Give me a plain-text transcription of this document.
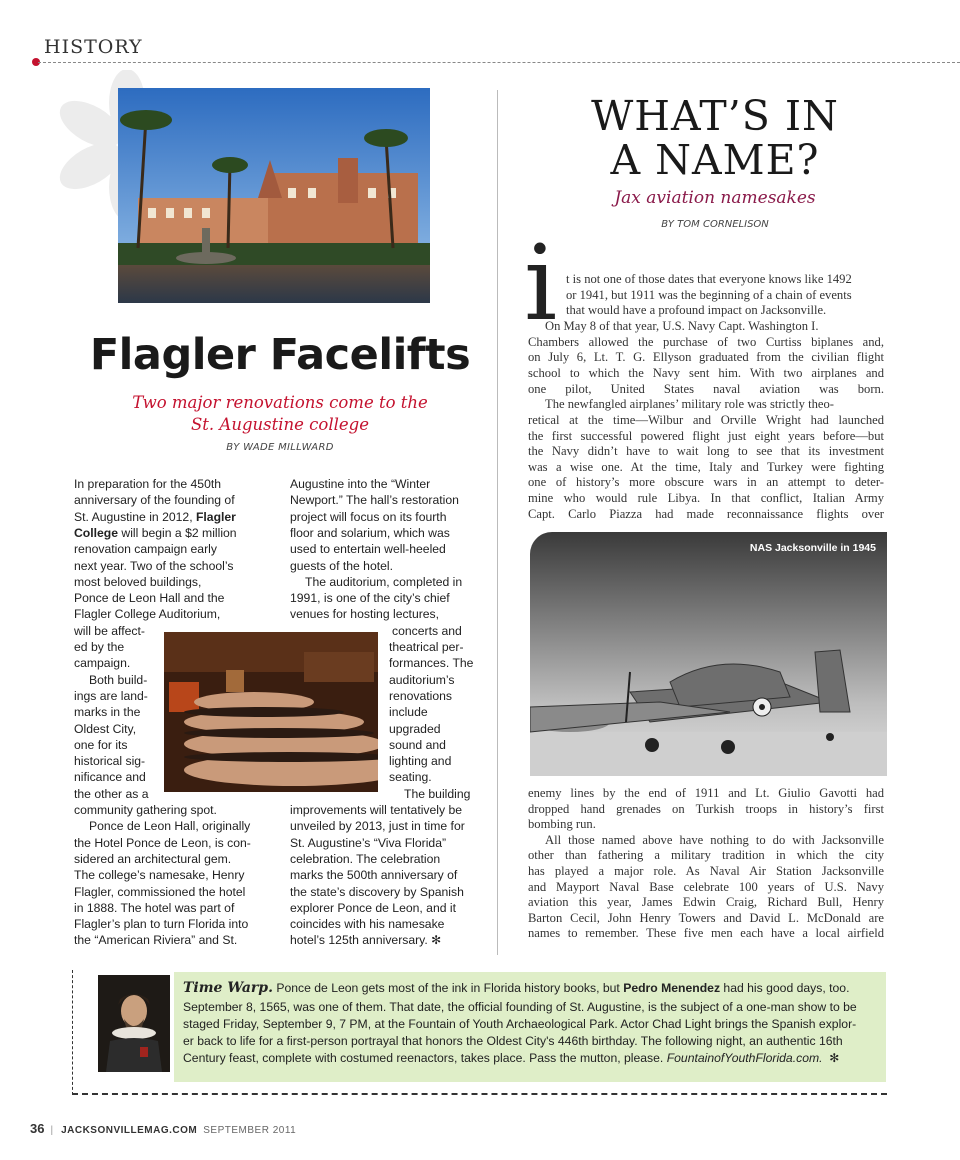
HISTORY
Flagler Facelifts
Two major renovations come to the
St. Augustine college
BY WADE MILLWARD
In preparation for the 450th
anniversary of the founding of
St. Augustine in 2012, Flagler
College will begin a $2 million
renovation campaign early
next year. Two of the school’s
most beloved buildings,
Ponce de Leon Hall and the
Flagler College Auditorium,
will be affect-
ed by the
campaign.
Both build-
ings are land-
marks in the
Oldest City,
one for its
historical sig-
nificance and
the other as a
community gathering spot.
Ponce de Leon Hall, originally
the Hotel Ponce de Leon, is con-
sidered an architectural gem.
The college’s namesake, Henry
Flagler, commissioned the hotel
in 1888. The hotel was part of
Flagler’s plan to turn Florida into
the “American Riviera” and St.
Augustine into the “Winter
Newport.” The hall’s restoration
project will focus on its fourth
floor and solarium, which was
used to entertain well-heeled
guests of the hotel.
The auditorium, completed in
1991, is one of the city’s chief
venues for hosting lectures,
concerts and
theatrical per-
formances. The
auditorium’s
renovations
include
upgraded
sound and
lighting and
seating.
The building
improvements will tentatively be
unveiled by 2013, just in time for
St. Augustine’s “Viva Florida”
celebration. The celebration
marks the 500th anniversary of
the state’s discovery by Spanish
explorer Ponce de Leon, and it
coincides with his namesake
hotel’s 125th anniversary. ✻
WHAT’S IN
A NAME?
Jax aviation namesakes
BY TOM CORNELISON
i t is not one of those dates that everyone knows like 1492
or 1941, but 1911 was the beginning of a chain of events
that would have a profound impact on Jacksonville.
On May 8 of that year, U.S. Navy Capt. Washington I.
Chambers allowed the purchase of two Curtiss biplanes and,
on July 6, Lt. T. G. Ellyson graduated from the civilian flight
school to which the Navy sent him. With two airplanes and
one pilot, United States naval aviation was born.
The newfangled airplanes’ military role was strictly theo-
retical at the time—Wilbur and Orville Wright had launched
the first successful powered flight just eight years before—but
the Navy didn’t have to wait long to see that its investment
was a wise one. At the time, Italy and Turkey were fighting
one of history’s more obscure wars in an attempt to deter-
mine who would rule Libya. In that conflict, Italian Army
Capt. Carlo Piazza had made reconnaissance flights over
NAS Jacksonville in 1945
enemy lines by the end of 1911 and Lt. Giulio Gavotti had
dropped hand grenades on Turkish troops in history’s first
bombing run.
All those named above have nothing to do with Jacksonville
other than fathering a military tradition in which the city
has played a major role. As Naval Air Station Jacksonville
and Mayport Naval Base celebrate 100 years of U.S. Navy
aviation this year, James Edwin Craig, Richard Bull, Henry
Barton Cecil, John Henry Towers and David L. McDonald are
names to remember. These five men each have a local airfield
Time Warp. Ponce de Leon gets most of the ink in Florida history books, but Pedro Menendez had his good days, too.
September 8, 1565, was one of them. That date, the official founding of St. Augustine, is the subject of a one-man show to be
staged Friday, September 9, 7 PM, at the Fountain of Youth Archaeological Park. Actor Chad Light brings the Spanish explor-
er back to life for a first-person portrayal that honors the Oldest City's 446th birthday. The following night, an authentic 16th
Century feast, complete with costumed reenactors, takes place. Pass the mutton, please. FountainofYouthFlorida.com. ✻
36 | JACKSONVILLEMAG.COM SEPTEMBER 2011
